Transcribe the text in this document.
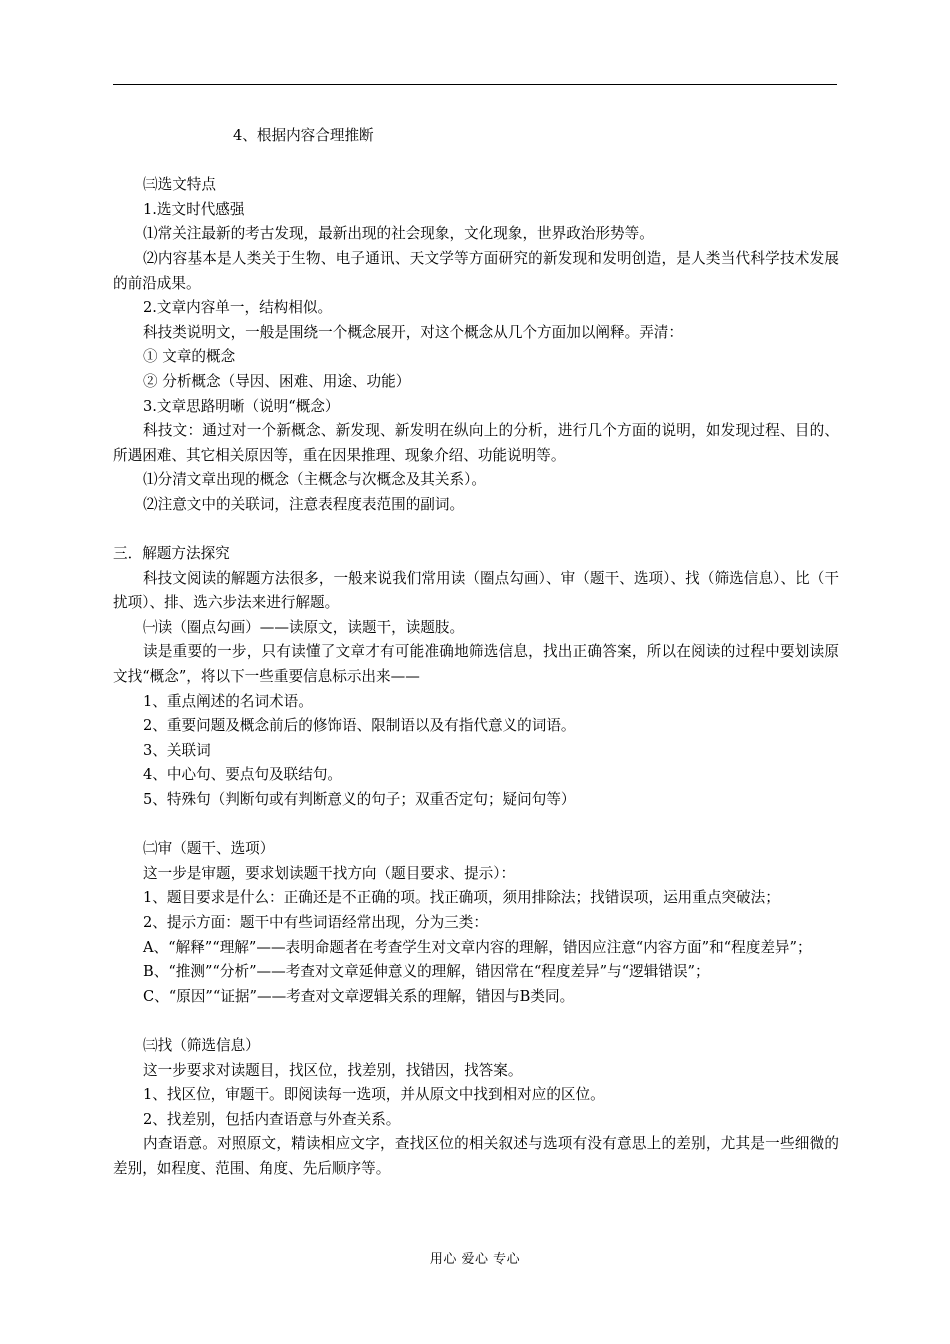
4、根据内容合理推断
㈢选文特点
1.选文时代感强
⑴常关注最新的考古发现，最新出现的社会现象，文化现象，世界政治形势等。
⑵内容基本是人类关于生物、电子通讯、天文学等方面研究的新发现和发明创造，是人类当代科学技术发展的前沿成果。
2.文章内容单一，结构相似。
科技类说明文，一般是围绕一个概念展开，对这个概念从几个方面加以阐释。弄清：
① 文章的概念
② 分析概念（导因、困难、用途、功能）
3.文章思路明晰（说明“概念）
科技文：通过对一个新概念、新发现、新发明在纵向上的分析，进行几个方面的说明，如发现过程、目的、所遇困难、其它相关原因等，重在因果推理、现象介绍、功能说明等。
⑴分清文章出现的概念（主概念与次概念及其关系）。
⑵注意文中的关联词，注意表程度表范围的副词。
三．解题方法探究
科技文阅读的解题方法很多，一般来说我们常用读（圈点勾画）、审（题干、选项）、找（筛选信息）、比（干扰项）、排、选六步法来进行解题。
㈠读（圈点勾画）——读原文，读题干，读题肢。
读是重要的一步，只有读懂了文章才有可能准确地筛选信息，找出正确答案，所以在阅读的过程中要划读原文找“概念”，将以下一些重要信息标示出来——
1、重点阐述的名词术语。
2、重要问题及概念前后的修饰语、限制语以及有指代意义的词语。
3、关联词
4、中心句、要点句及联结句。
5、特殊句（判断句或有判断意义的句子；双重否定句；疑问句等）
㈡审（题干、选项）
这一步是审题，要求划读题干找方向（题目要求、提示）：
1、题目要求是什么：正确还是不正确的项。找正确项，须用排除法；找错误项，运用重点突破法；
2、提示方面：题干中有些词语经常出现，分为三类：
A、“解释”“理解”——表明命题者在考查学生对文章内容的理解，错因应注意“内容方面”和“程度差异”；
B、“推测”“分析”——考查对文章延伸意义的理解，错因常在“程度差异”与“逻辑错误”；
C、“原因”“证据”——考查对文章逻辑关系的理解，错因与B类同。
㈢找（筛选信息）
这一步要求对读题目，找区位，找差别，找错因，找答案。
1、找区位，审题干。即阅读每一选项，并从原文中找到相对应的区位。
2、找差别，包括内查语意与外查关系。
内查语意。对照原文，精读相应文字，查找区位的相关叙述与选项有没有意思上的差别，尤其是一些细微的差别，如程度、范围、角度、先后顺序等。
用心 爱心 专心
